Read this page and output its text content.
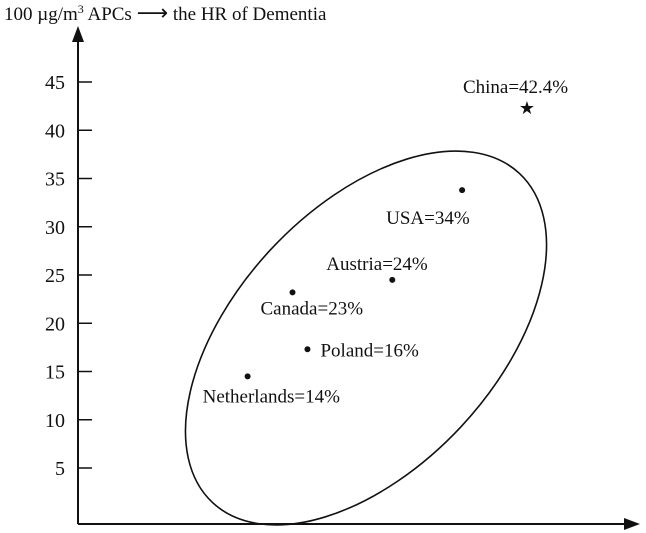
100 $\mu g/m^3$ APCs ⟶ the HR of Dementia
5
10
15
20
25
30
35
40
45
★
China=42.4%
USA=34%
Austria=24%
Canada=23%
Poland=16%
Netherlands=14%
